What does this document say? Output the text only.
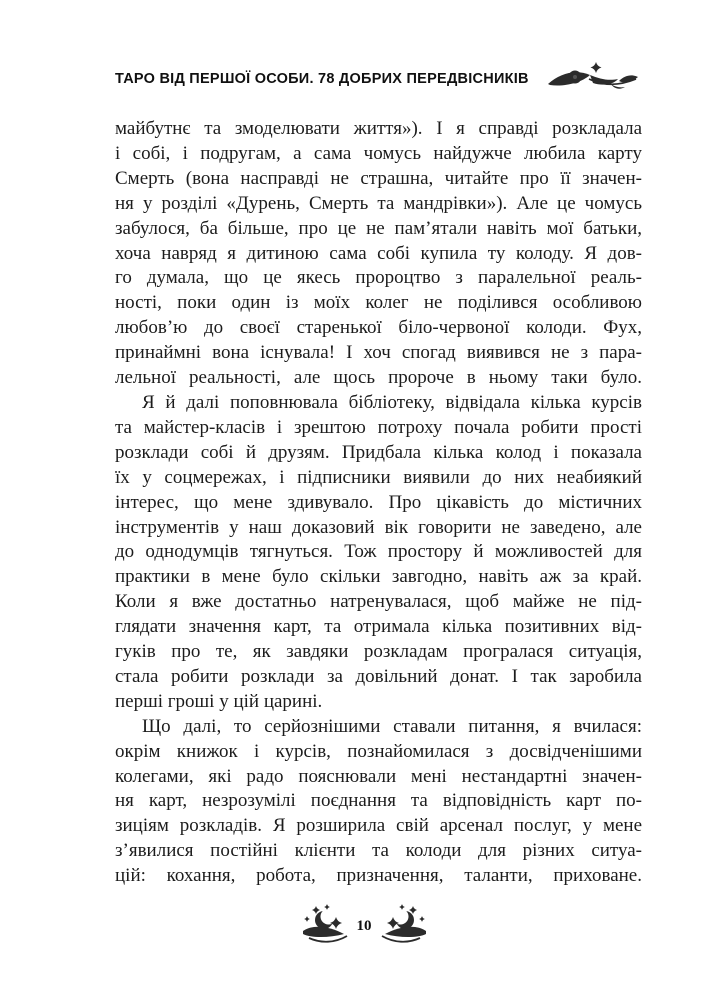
ТАРО ВІД ПЕРШОЇ ОСОБИ. 78 ДОБРИХ ПЕРЕДВІСНИКІВ
майбутнє та змоделювати життя»). І я справді розкладала
і собі, і подругам, а сама чомусь найдужче любила карту
Смерть (вона насправді не страшна, читайте про її значен-
ня у розділі «Дурень, Смерть та мандрівки»). Але це чомусь
забулося, ба більше, про це не пам’ятали навіть мої батьки,
хоча навряд я дитиною сама собі купила ту колоду. Я дов-
го думала, що це якесь пророцтво з паралельної реаль-
ності, поки один із моїх колег не поділився особливою
любов’ю до своєї старенької біло-червоної колоди. Фух,
принаймні вона існувала! І хоч спогад виявився не з пара-
лельної реальності, але щось пророче в ньому таки було.
Я й далі поповнювала бібліотеку, відвідала кілька курсів
та майстер-класів і зрештою потроху почала робити прості
розклади собі й друзям. Придбала кілька колод і показала
їх у соцмережах, і підписники виявили до них неабиякий
інтерес, що мене здивувало. Про цікавість до містичних
інструментів у наш доказовий вік говорити не заведено, але
до однодумців тягнуться. Тож простору й можливостей для
практики в мене було скільки завгодно, навіть аж за край.
Коли я вже достатньо натренувалася, щоб майже не під-
глядати значення карт, та отримала кілька позитивних від-
гуків про те, як завдяки розкладам програлася ситуація,
стала робити розклади за довільний донат. І так заробила
перші гроші у цій царині.
Що далі, то серйознішими ставали питання, я вчилася:
окрім книжок і курсів, познайомилася з досвідченішими
колегами, які радо пояснювали мені нестандартні значен-
ня карт, незрозумілі поєднання та відповідність карт по-
зиціям розкладів. Я розширила свій арсенал послуг, у мене
з’явилися постійні клієнти та колоди для різних ситуа-
цій: кохання, робота, призначення, таланти, приховане.
10
